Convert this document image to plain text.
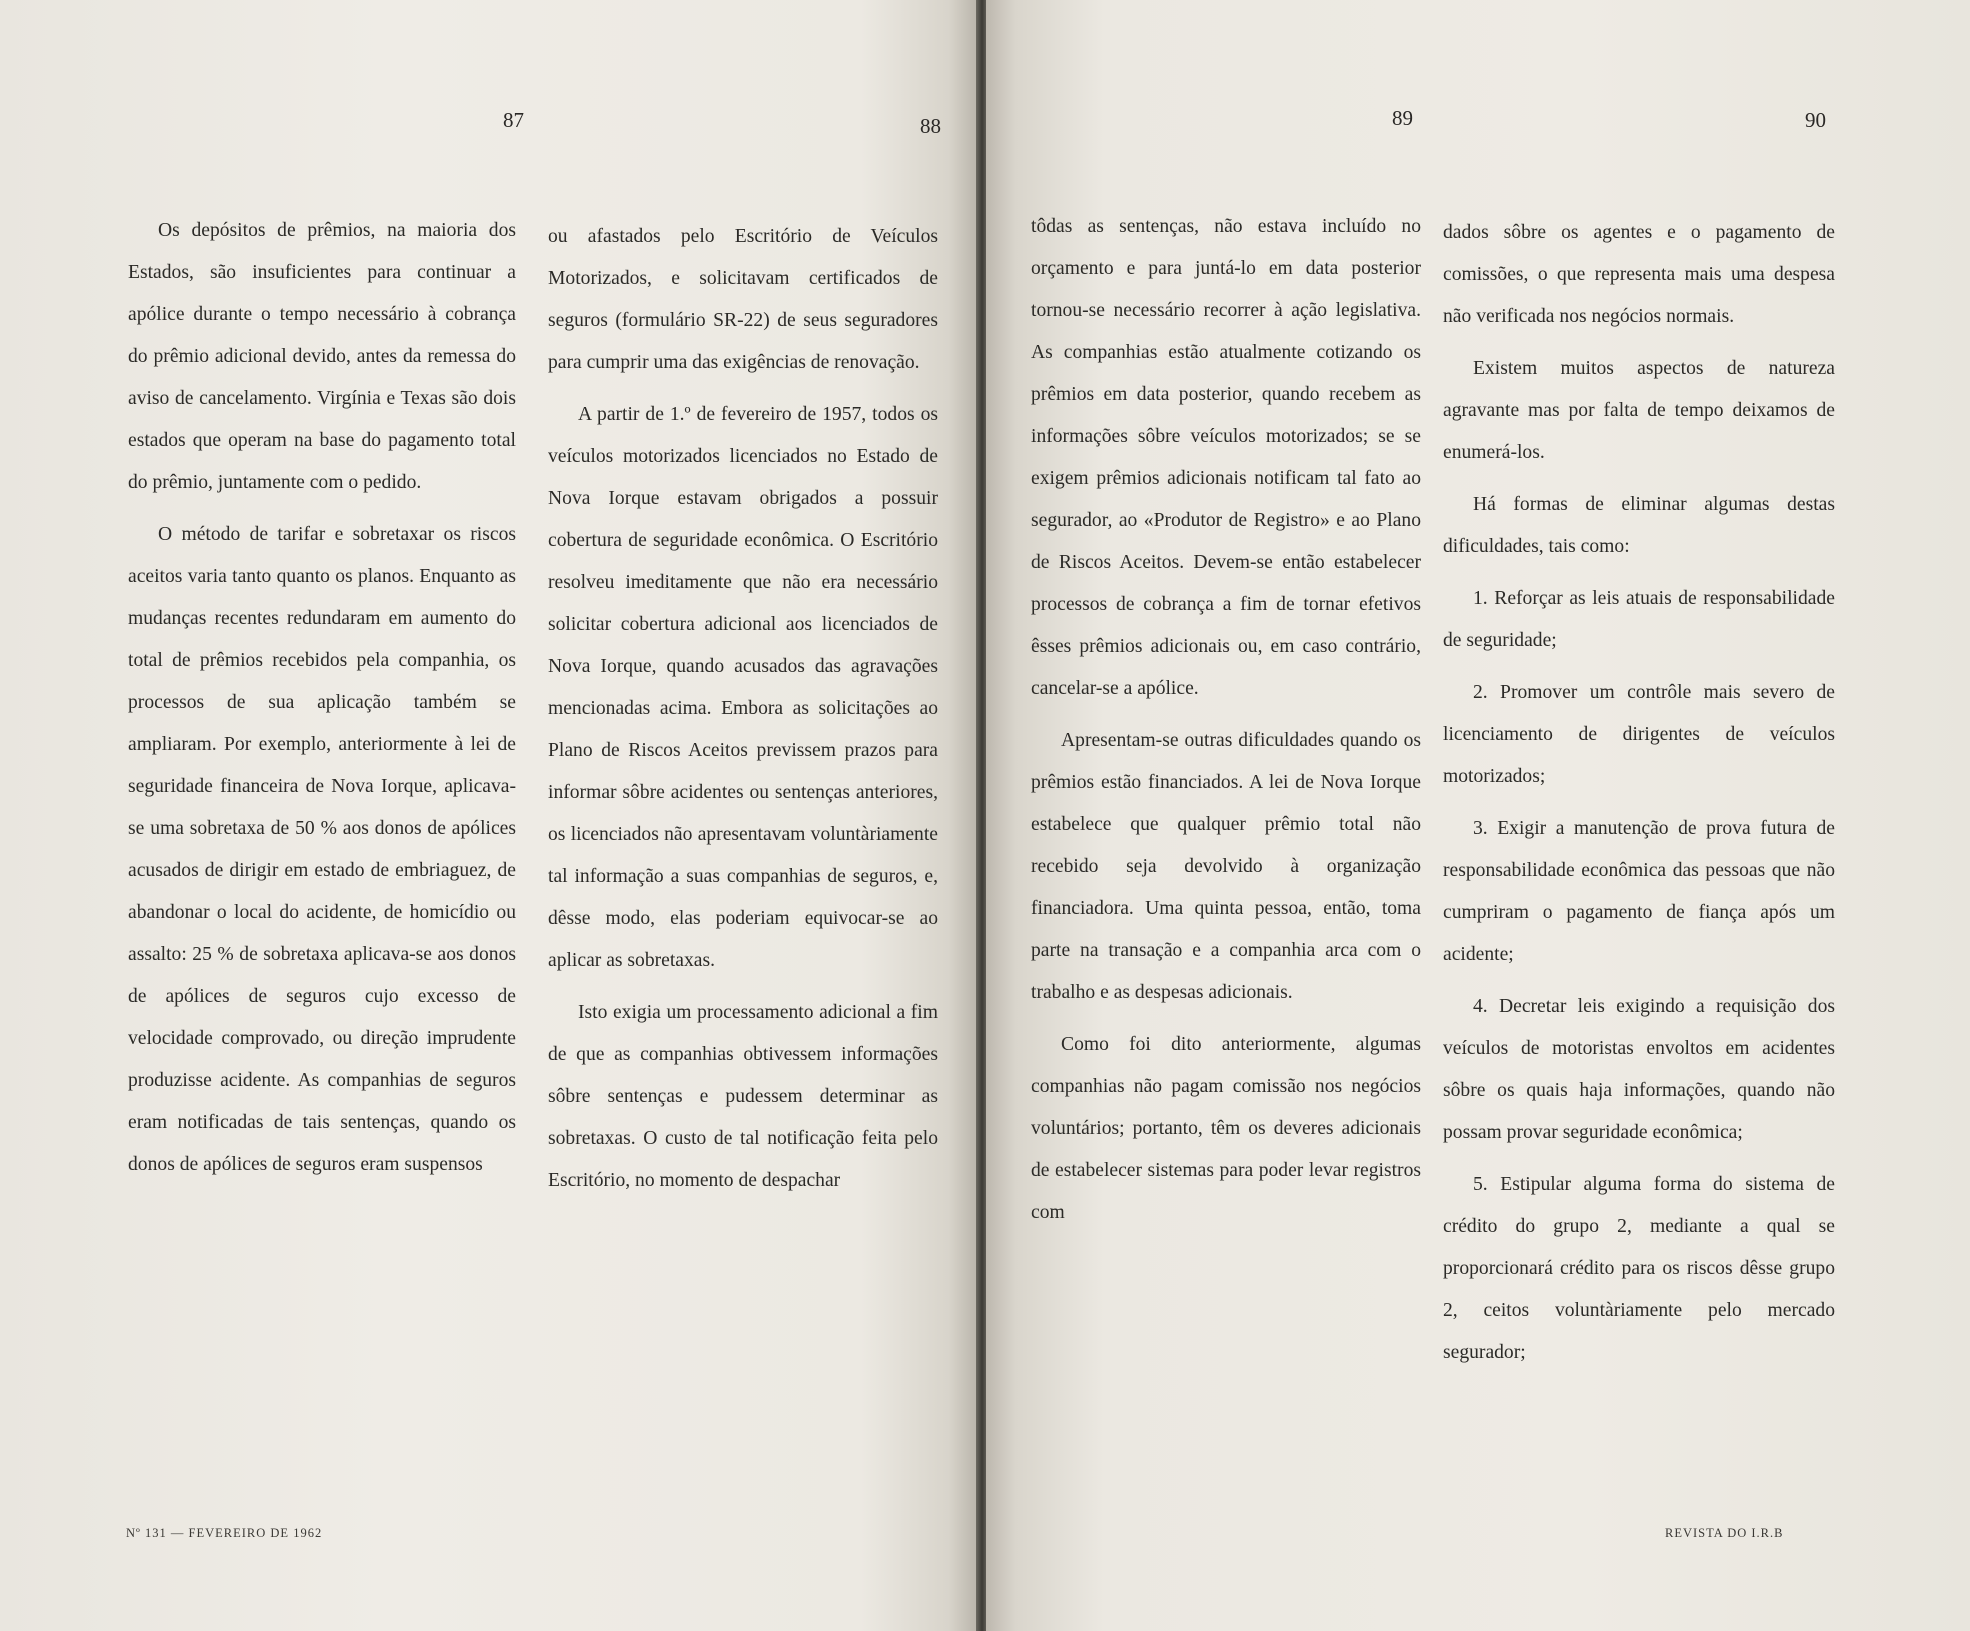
87	88

Os depósitos de prêmios, na maioria dos Estados, são insuficientes para continuar a apólice durante o tempo necessário à cobrança do prêmio adicional devido, antes da remessa do aviso de cancelamento. Virgínia e Texas são dois estados que operam na base do pagamento total do prêmio, juntamente com o pedido.

O método de tarifar e sobretaxar os riscos aceitos varia tanto quanto os planos. Enquanto as mudanças recentes redundaram em aumento do total de prêmios recebidos pela companhia, os processos de sua aplicação também se ampliaram. Por exemplo, anteriormente à lei de seguridade financeira de Nova Iorque, aplicava-se uma sobretaxa de 50 % aos donos de apólices acusados de dirigir em estado de embriaguez, de abandonar o local do acidente, de homicídio ou assalto: 25 % de sobretaxa aplicava-se aos donos de apólices de seguros cujo excesso de velocidade comprovado, ou direção imprudente produzisse acidente. As companhias de seguros eram notificadas de tais sentenças, quando os donos de apólices de seguros eram suspensos

ou afastados pelo Escritório de Veículos Motorizados, e solicitavam certificados de seguros (formulário SR-22) de seus seguradores para cumprir uma das exigências de renovação.

A partir de 1.º de fevereiro de 1957, todos os veículos motorizados licenciados no Estado de Nova Iorque estavam obrigados a possuir cobertura de seguridade econômica. O Escritório resolveu imeditamente que não era necessário solicitar cobertura adicional aos licenciados de Nova Iorque, quando acusados das agravações mencionadas acima. Embora as solicitações ao Plano de Riscos Aceitos previssem prazos para informar sôbre acidentes ou sentenças anteriores, os licenciados não apresentavam voluntàriamente tal informação a suas companhias de seguros, e, dêsse modo, elas poderiam equivocar-se ao aplicar as sobretaxas.

Isto exigia um processamento adicional a fim de que as companhias obtivessem informações sôbre sentenças e pudessem determinar as sobretaxas. O custo de tal notificação feita pelo Escritório, no momento de despachar

Nº 131 — FEVEREIRO DE 1962
89	90

tôdas as sentenças, não estava incluído no orçamento e para juntá-lo em data posterior tornou-se necessário recorrer à ação legislativa. As companhias estão atualmente cotizando os prêmios em data posterior, quando recebem as informações sôbre veículos motorizados; se se exigem prêmios adicionais notificam tal fato ao segurador, ao «Produtor de Registro» e ao Plano de Riscos Aceitos. Devem-se então estabelecer processos de cobrança a fim de tornar efetivos êsses prêmios adicionais ou, em caso contrário, cancelar-se a apólice.

Apresentam-se outras dificuldades quando os prêmios estão financiados. A lei de Nova Iorque estabelece que qualquer prêmio total não recebido seja devolvido à organização financiadora. Uma quinta pessoa, então, toma parte na transação e a companhia arca com o trabalho e as despesas adicionais.

Como foi dito anteriormente, algumas companhias não pagam comissão nos negócios voluntários; portanto, têm os deveres adicionais de estabelecer sistemas para poder levar registros com

dados sôbre os agentes e o pagamento de comissões, o que representa mais uma despesa não verificada nos negócios normais.

Existem muitos aspectos de natureza agravante mas por falta de tempo deixamos de enumerá-los.

Há formas de eliminar algumas destas dificuldades, tais como:

1. Reforçar as leis atuais de responsabilidade de seguridade;

2. Promover um contrôle mais severo de licenciamento de dirigentes de veículos motorizados;

3. Exigir a manutenção de prova futura de responsabilidade econômica das pessoas que não cumpriram o pagamento de fiança após um acidente;

4. Decretar leis exigindo a requisição dos veículos de motoristas envoltos em acidentes sôbre os quais haja informações, quando não possam provar seguridade econômica;

5. Estipular alguma forma do sistema de crédito do grupo 2, mediante a qual se proporcionará crédito para os riscos dêsse grupo 2, ceitos voluntàriamente pelo mercado segurador;

REVISTA DO I.R.B
